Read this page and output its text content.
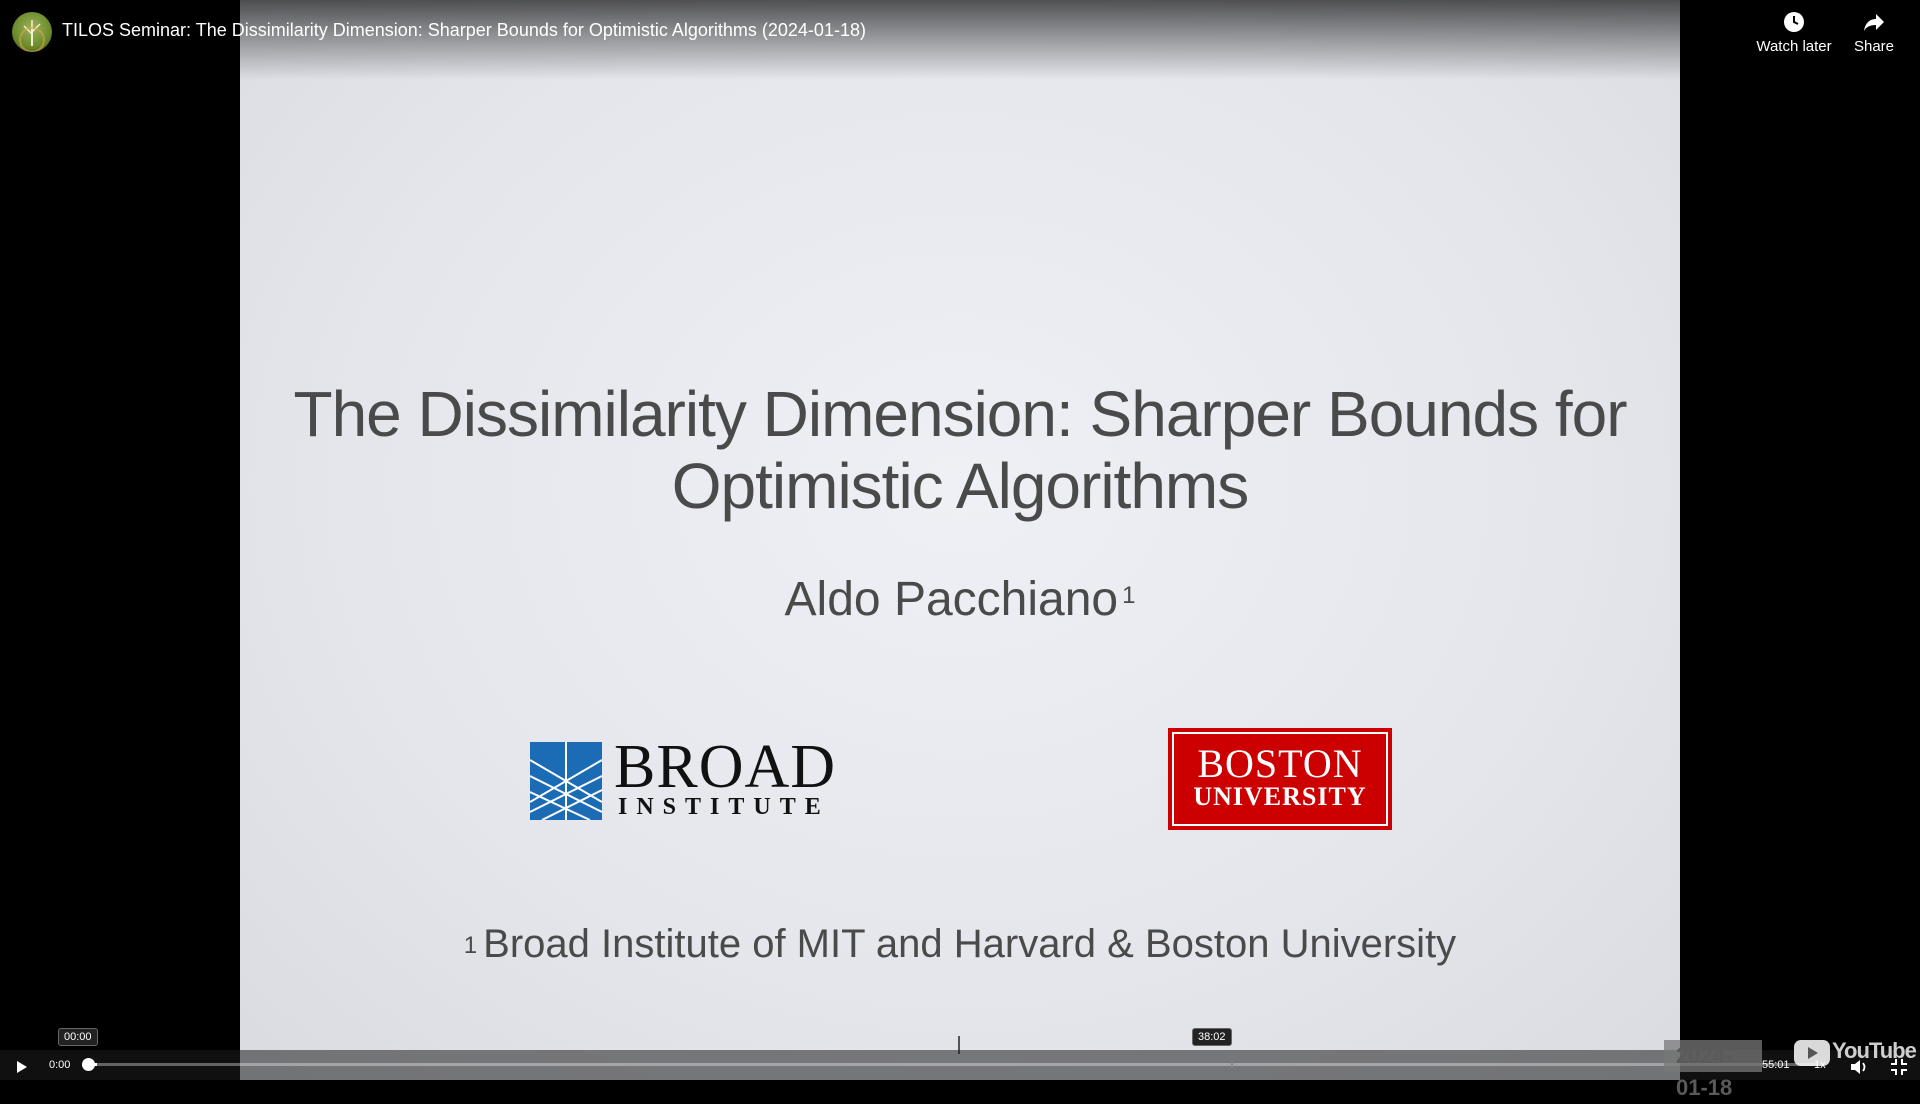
The Dissimilarity Dimension: Sharper Bounds for
Optimistic Algorithms
Aldo Pacchiano $^1$
BROAD
INSTITUTE
BOSTON
UNIVERSITY
$^1$ Broad Institute of MIT and Harvard & Boston University
TILOS Seminar: The Dissimilarity Dimension: Sharper Bounds for Optimistic Algorithms (2024-01-18)
Watch later	Share
00:00	38:02
0:00	2024-01-18
YouTube
55:01 1x
